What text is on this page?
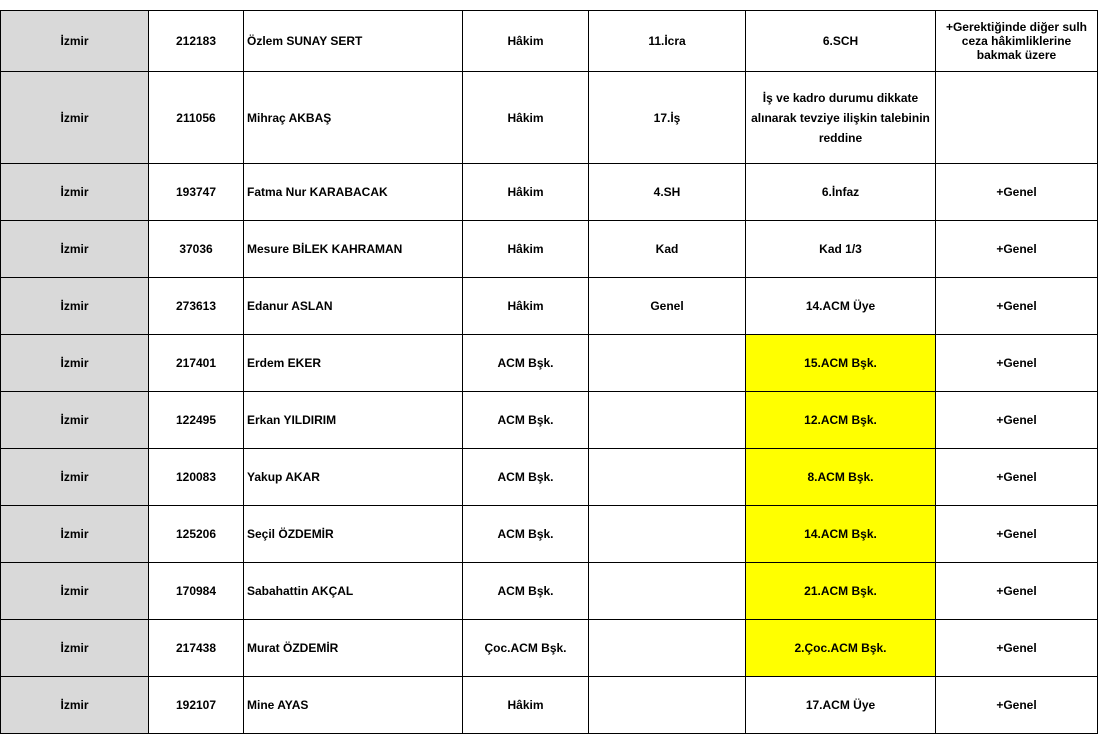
İzmir	212183	Özlem SUNAY SERT	Hâkim	11.İcra	6.SCH	+Gerektiğinde diğer sulh ceza hâkimliklerine bakmak üzere
İzmir	211056	Mihraç AKBAŞ	Hâkim	17.İş	İş ve kadro durumu dikkate alınarak tevziye ilişkin talebinin reddine	
İzmir	193747	Fatma Nur KARABACAK	Hâkim	4.SH	6.İnfaz	+Genel
İzmir	37036	Mesure BİLEK KAHRAMAN	Hâkim	Kad	Kad 1/3	+Genel
İzmir	273613	Edanur ASLAN	Hâkim	Genel	14.ACM Üye	+Genel
İzmir	217401	Erdem EKER	ACM Bşk.		15.ACM Bşk.	+Genel
İzmir	122495	Erkan YILDIRIM	ACM Bşk.		12.ACM Bşk.	+Genel
İzmir	120083	Yakup AKAR	ACM Bşk.		8.ACM Bşk.	+Genel
İzmir	125206	Seçil ÖZDEMİR	ACM Bşk.		14.ACM Bşk.	+Genel
İzmir	170984	Sabahattin AKÇAL	ACM Bşk.		21.ACM Bşk.	+Genel
İzmir	217438	Murat ÖZDEMİR	Çoc.ACM Bşk.		2.Çoc.ACM Bşk.	+Genel
İzmir	192107	Mine AYAS	Hâkim		17.ACM Üye	+Genel
